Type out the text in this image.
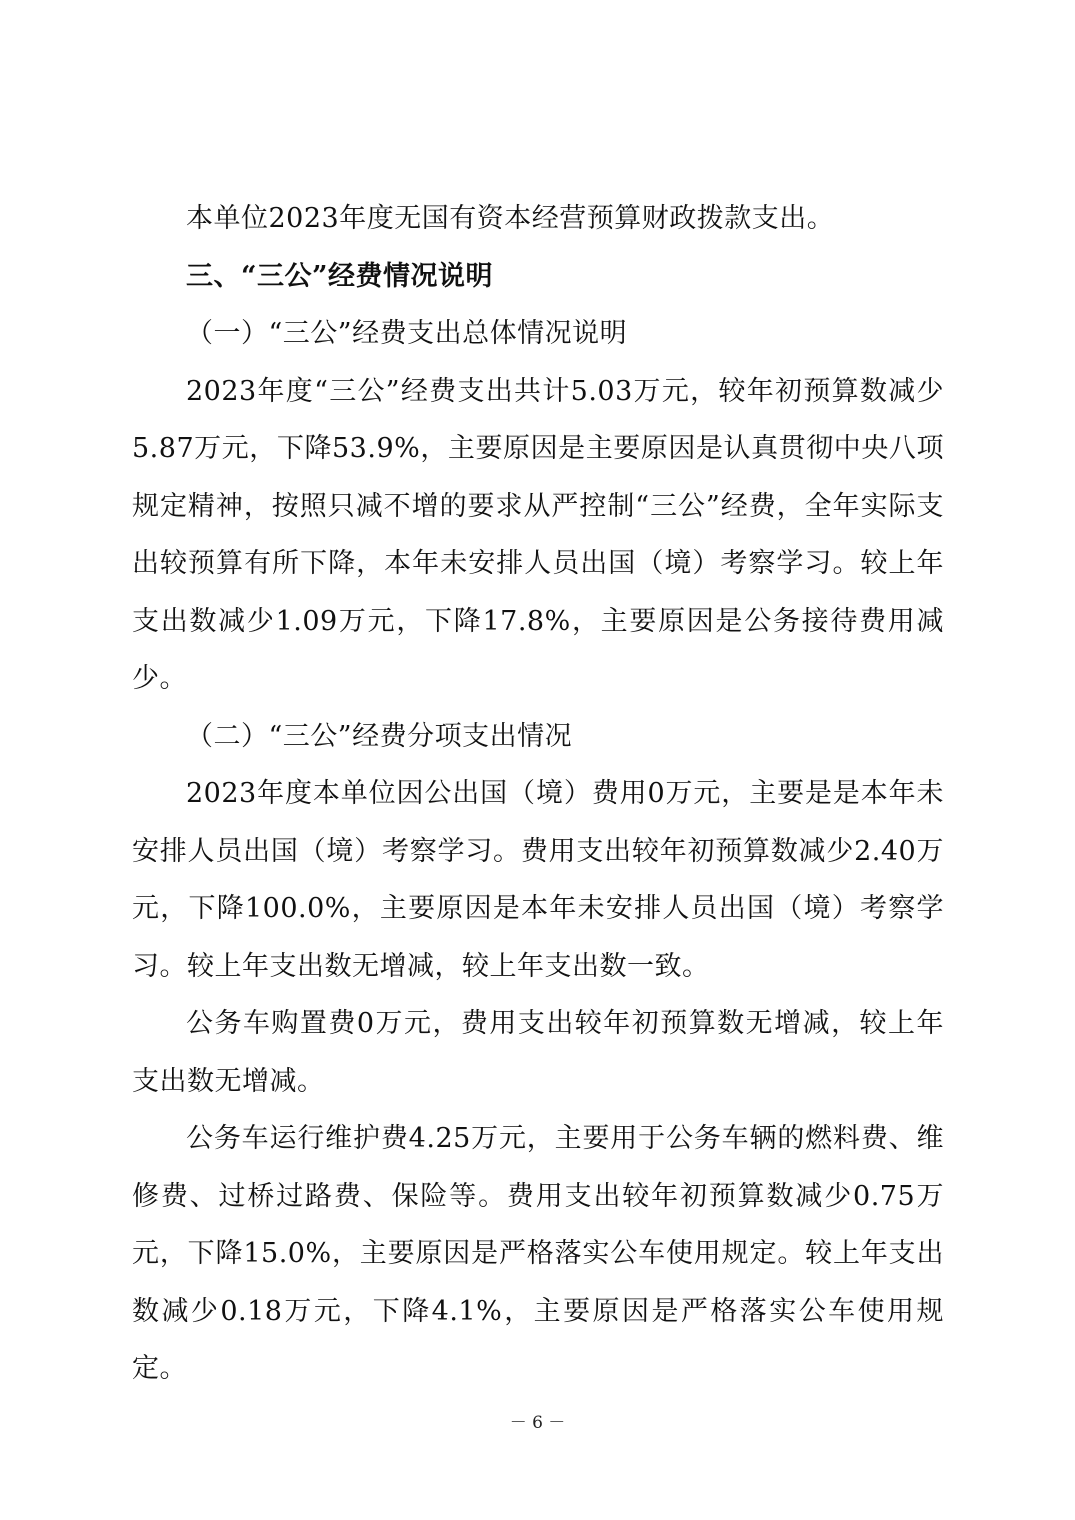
本单位2023年度无国有资本经营预算财政拨款支出。

三、“三公”经费情况说明

（一）“三公”经费支出总体情况说明

2023年度“三公”经费支出共计5.03万元，较年初预算数减少5.87万元，下降53.9%，主要原因是主要原因是认真贯彻中央八项规定精神，按照只减不增的要求从严控制“三公”经费，全年实际支出较预算有所下降，本年未安排人员出国（境）考察学习。较上年支出数减少1.09万元，下降17.8%，主要原因是公务接待费用减少。

（二）“三公”经费分项支出情况

2023年度本单位因公出国（境）费用0万元，主要是是本年未安排人员出国（境）考察学习。费用支出较年初预算数减少2.40万元，下降100.0%，主要原因是本年未安排人员出国（境）考察学习。较上年支出数无增减，较上年支出数一致。

公务车购置费0万元，费用支出较年初预算数无增减，较上年支出数无增减。

公务车运行维护费4.25万元，主要用于公务车辆的燃料费、维修费、过桥过路费、保险等。费用支出较年初预算数减少0.75万元，下降15.0%，主要原因是严格落实公车使用规定。较上年支出数减少0.18万元，下降4.1%，主要原因是严格落实公车使用规定。

－ 6 －
